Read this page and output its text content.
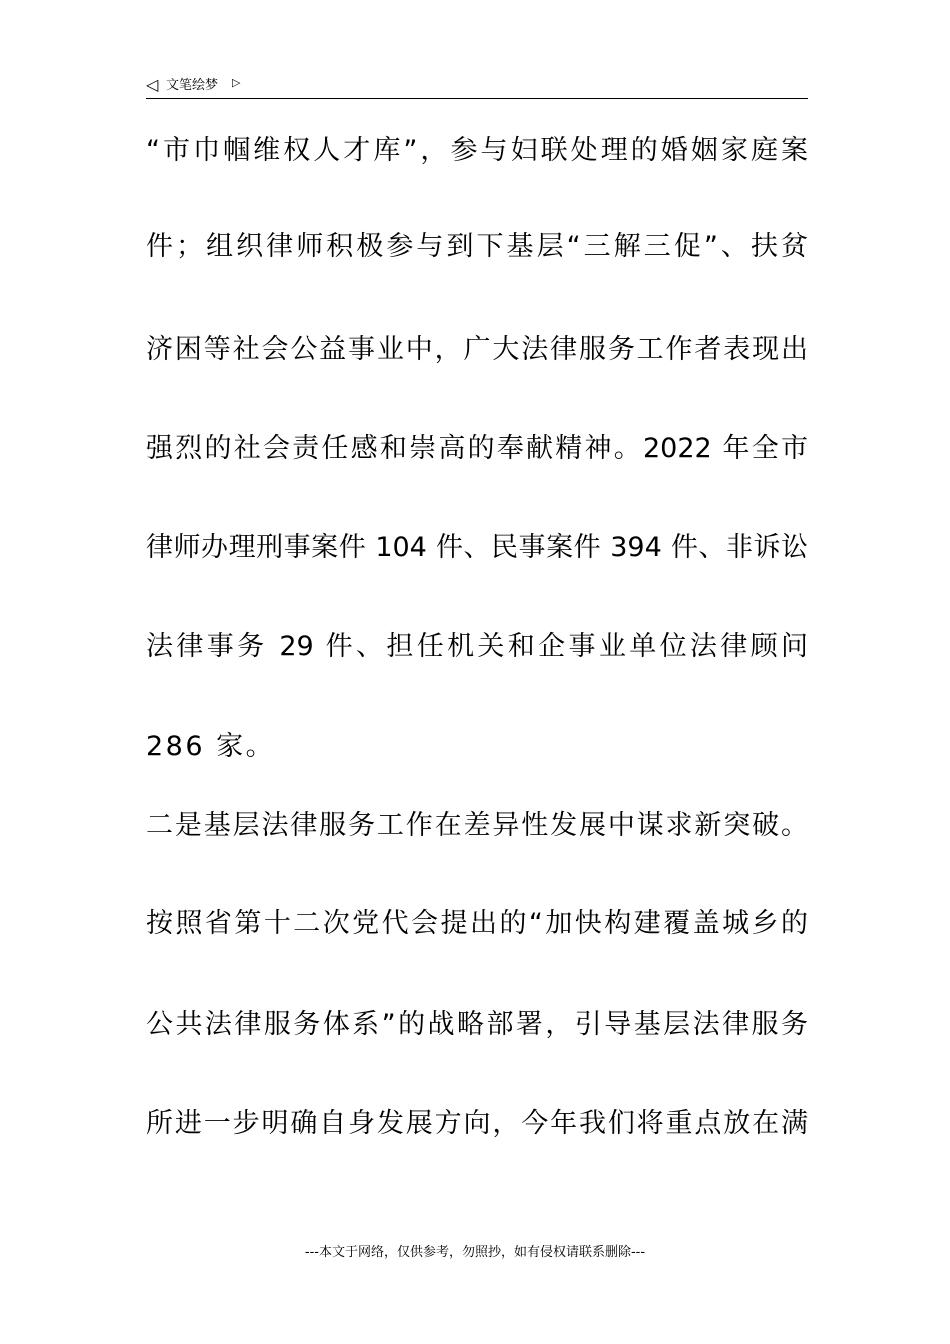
◁ 文笔绘梦 ▷
“市巾帼维权人才库”，参与妇联处理的婚姻家庭案
件；组织律师积极参与到下基层“三解三促”、扶贫
济困等社会公益事业中，广大法律服务工作者表现出
强烈的社会责任感和崇高的奉献精神。2022 年全市
律师办理刑事案件 104 件、民事案件 394 件、非诉讼
法律事务 29 件、担任机关和企事业单位法律顾问
286 家。
二是基层法律服务工作在差异性发展中谋求新突破。
按照省第十二次党代会提出的“加快构建覆盖城乡的
公共法律服务体系”的战略部署，引导基层法律服务
所进一步明确自身发展方向，今年我们将重点放在满
---本文于网络，仅供参考，勿照抄，如有侵权请联系删除---
